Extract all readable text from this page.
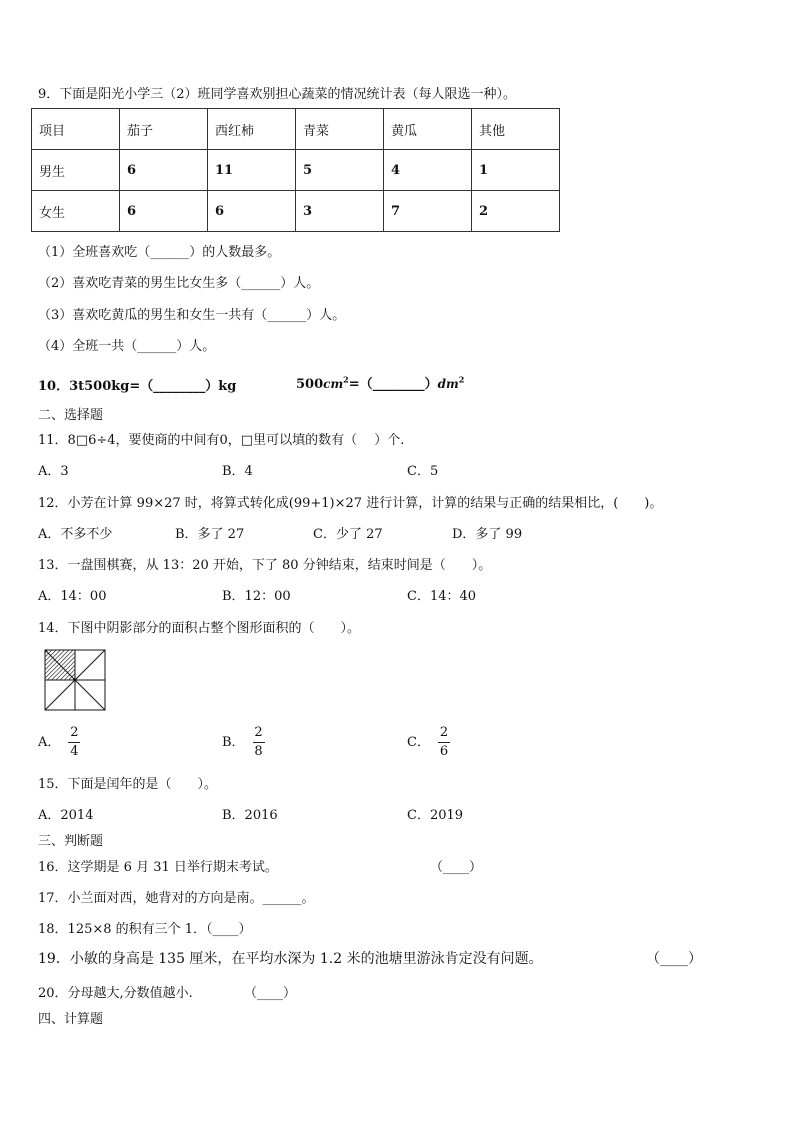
9．下面是阳光小学三（2）班同学喜欢别担心蔬菜的情况统计表（每人限选一种）。
项目	茄子	西红柿	青菜	黄瓜	其他
男生	6	11	5	4	1
女生	6	6	3	7	2
（1）全班喜欢吃（______）的人数最多。
（2）喜欢吃青菜的男生比女生多（______）人。
（3）喜欢吃黄瓜的男生和女生一共有（______）人。
（4）全班一共（______）人。
10．3t500kg=（________）kg	$500cm^2=(\_\_\_\_\_\_\_\_)dm^2$
二、选择题
11．8□6÷4，要使商的中间有0，□里可以填的数有（　 ）个.
A．3	B．4	C．5
12．小芳在计算 99×27 时，将算式转化成(99+1)×27 进行计算，计算的结果与正确的结果相比，(　　)。
A．不多不少	B．多了 27	C．少了 27	D．多了 99
13．一盘围棋赛，从 13：20 开始，下了 80 分钟结束，结束时间是（　　）。
A．14：00	B．12：00	C．14：40
14．下图中阴影部分的面积占整个图形面积的（　　）。
A． $\frac{2}{4}$	B． $\frac{2}{8}$	C． $\frac{2}{6}$
15．下面是闰年的是（　　）。
A．2014	B．2016	C．2019
三、判断题
16．这学期是 6 月 31 日举行期末考试。	（____）
17．小兰面对西，她背对的方向是南。______。
18．125×8 的积有三个 1．（____）
19．小敏的身高是 135 厘米，在平均水深为 1.2 米的池塘里游泳肯定没有问题。	（____）
20．分母越大,分数值越小.	（____）
四、计算题
